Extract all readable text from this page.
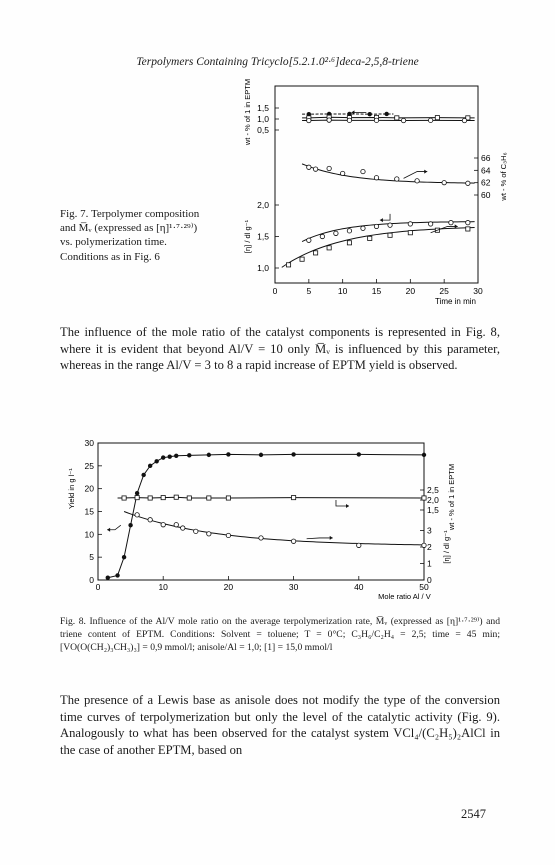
Terpolymers Containing Tricyclo[5.2.1.0²·⁶]deca-2,5,8-triene
0	5	10	15	20	25	30
Time in min
1,5
1,0
0,5
wt - % of 1 in EPTM
66
64
62
60 wt - % of C₃H₆
2,0
1,5
1,0
[η] / dl g⁻¹
Fig. 7. Terpolymer composition and M̅ᵥ (expressed as [η]¹·⁷·²⁹⁾) vs. polymerization time. Conditions as in Fig. 6
The influence of the mole ratio of the catalyst components is represented in Fig. 8, where it is evident that beyond Al/V = 10 only M̅ᵥ is influenced by this parameter, whereas in the range Al/V = 3 to 8 a rapid increase of EPTM yield is observed.
0	10	20	30	40	50
Mole ratio Al / V
0
5
10
15
20
25
30
Yield in g l⁻¹	2,5
2,0
1,5 wt - % of 1 in EPTM
3
2
1
0
[η] / dl g⁻¹
Fig. 8. Influence of the Al/V mole ratio on the average terpolymerization rate, M̅ᵥ (expressed as [η]¹·⁷·²⁹⁾) and triene content of EPTM. Conditions: Solvent = toluene; T = 0°C; C₃H₆/C₂H₄ = 2,5; time = 45 min; [VO(O(CH₂)₃CH₃)₃] = 0,9 mmol/l; anisole/Al = 1,0; [1] = 15,0 mmol/l
The presence of a Lewis base as anisole does not modify the type of the conversion time curves of terpolymerization but only the level of the catalytic activity (Fig. 9). Analogously to what has been observed for the catalyst system VCl₄/(C₂H₅)₂AlCl in the case of another EPTM, based on
2547
